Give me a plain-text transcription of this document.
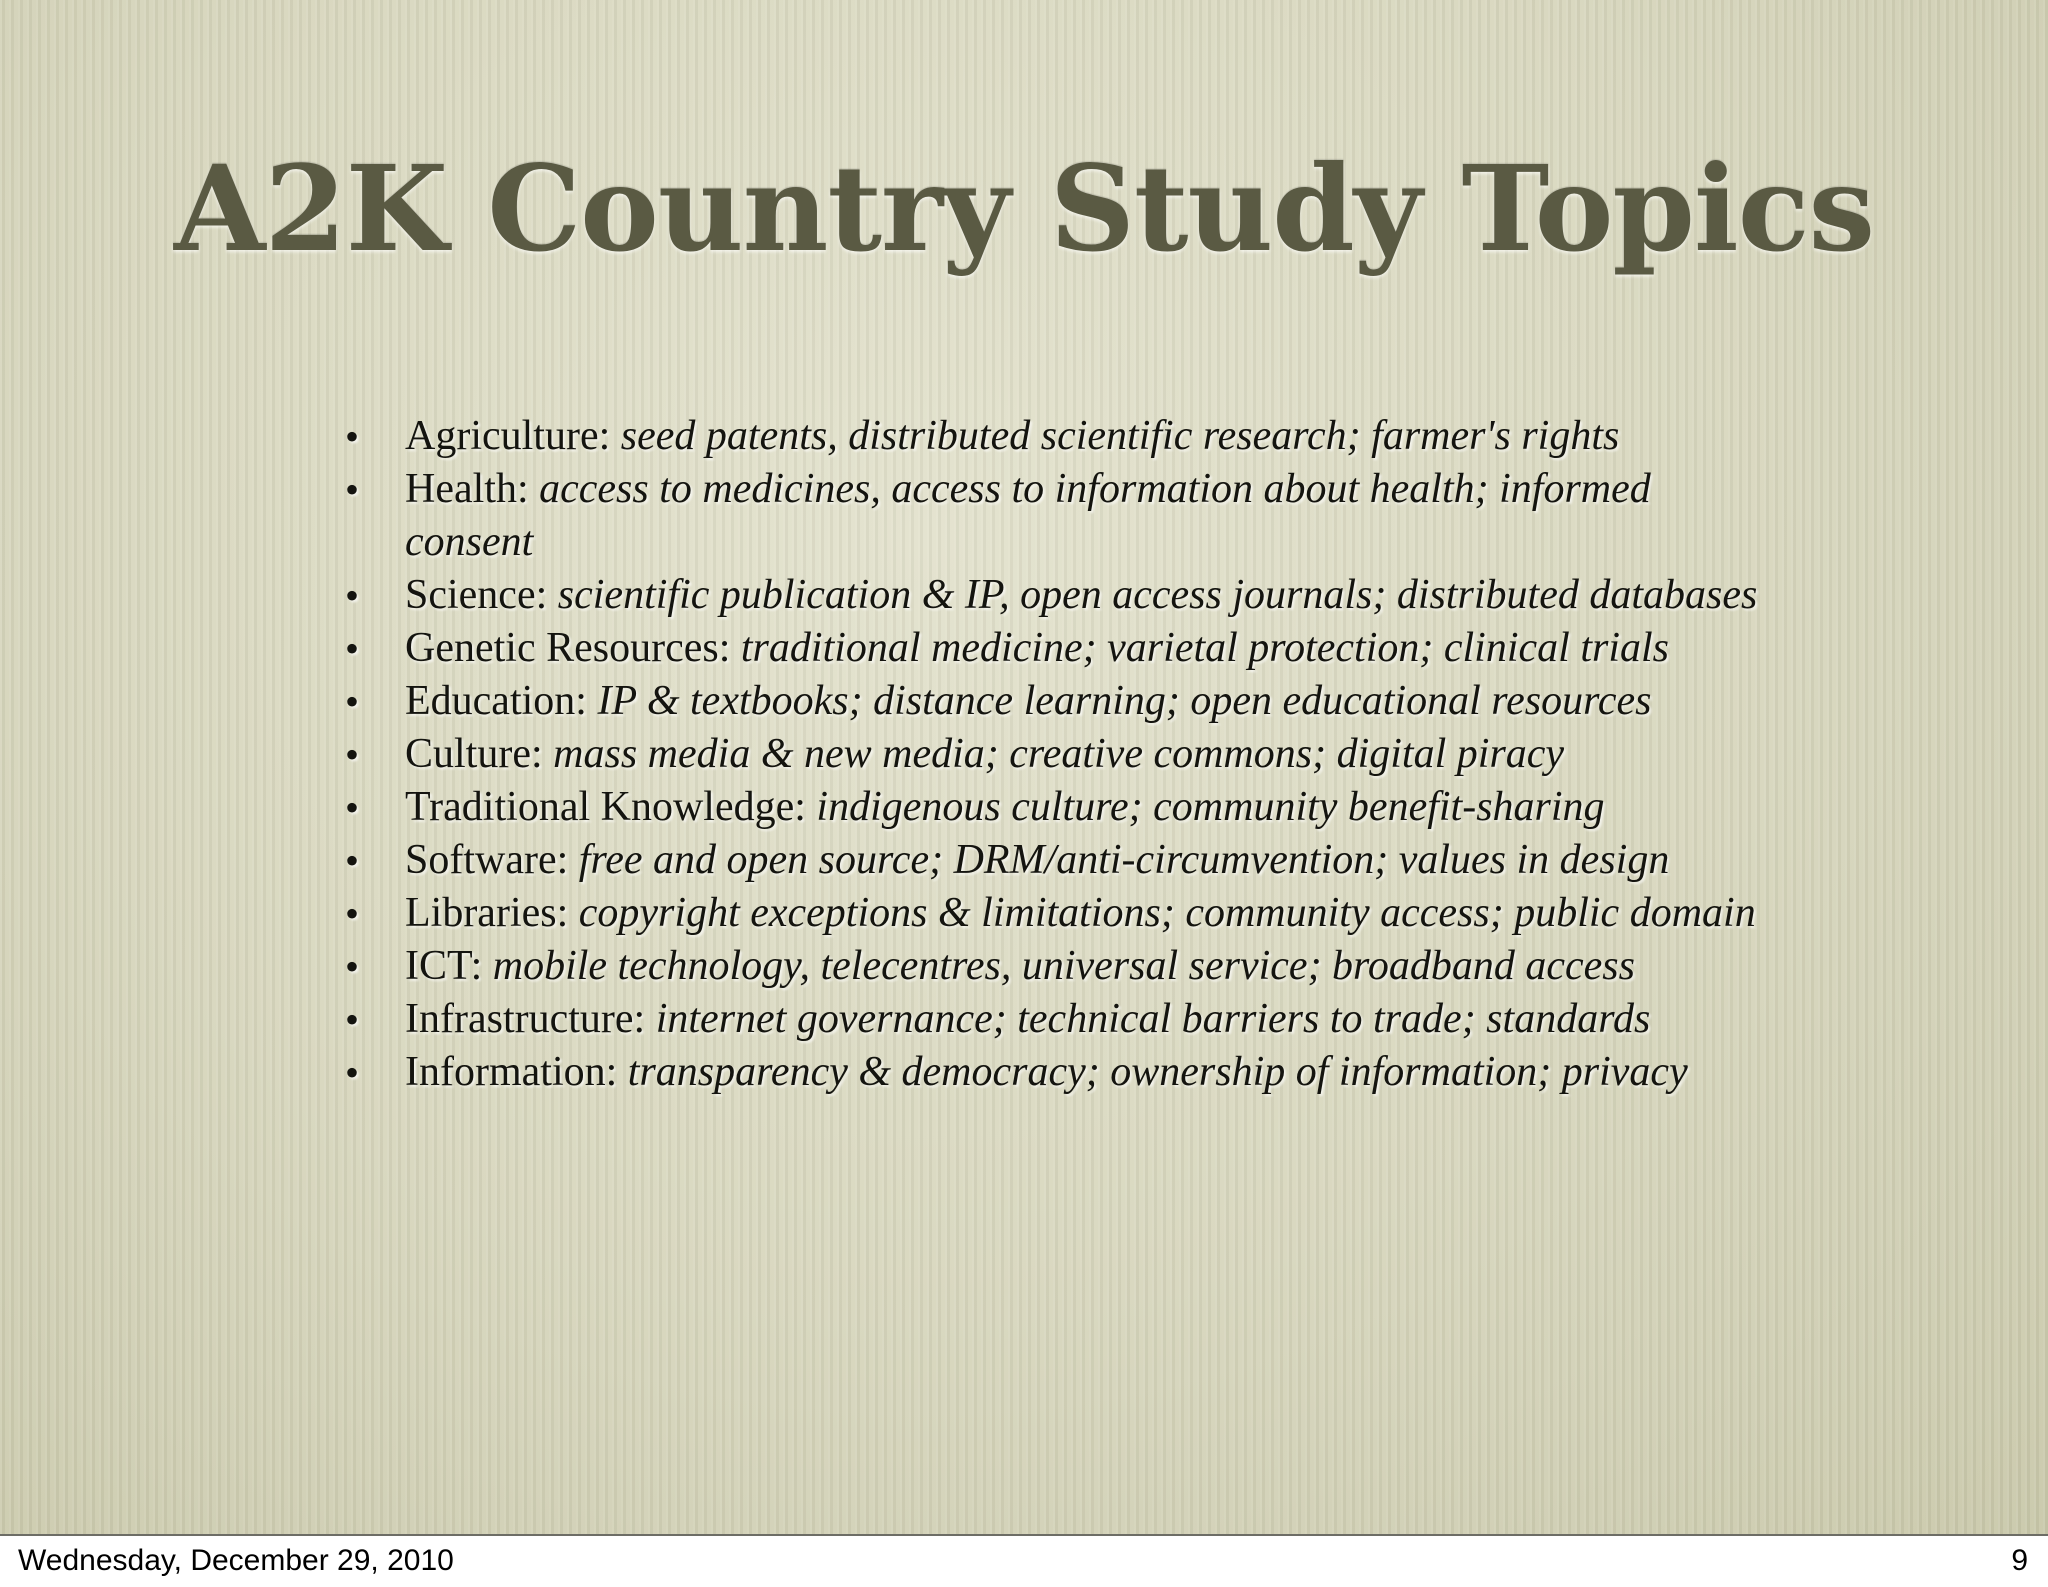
A2K Country Study Topics
•	Agriculture: seed patents, distributed scientific research; farmer's rights
•	Health: access to medicines, access to information about health; informed consent
•	Science: scientific publication & IP, open access journals; distributed databases
•	Genetic Resources: traditional medicine; varietal protection; clinical trials
•	Education: IP & textbooks; distance learning; open educational resources
•	Culture: mass media & new media; creative commons; digital piracy
•	Traditional Knowledge: indigenous culture; community benefit-sharing
•	Software: free and open source; DRM/anti-circumvention; values in design
•	Libraries: copyright exceptions & limitations; community access; public domain
•	ICT: mobile technology, telecentres, universal service; broadband access
•	Infrastructure: internet governance; technical barriers to trade; standards
•	Information: transparency & democracy; ownership of information; privacy
Wednesday, December 29, 2010	9
